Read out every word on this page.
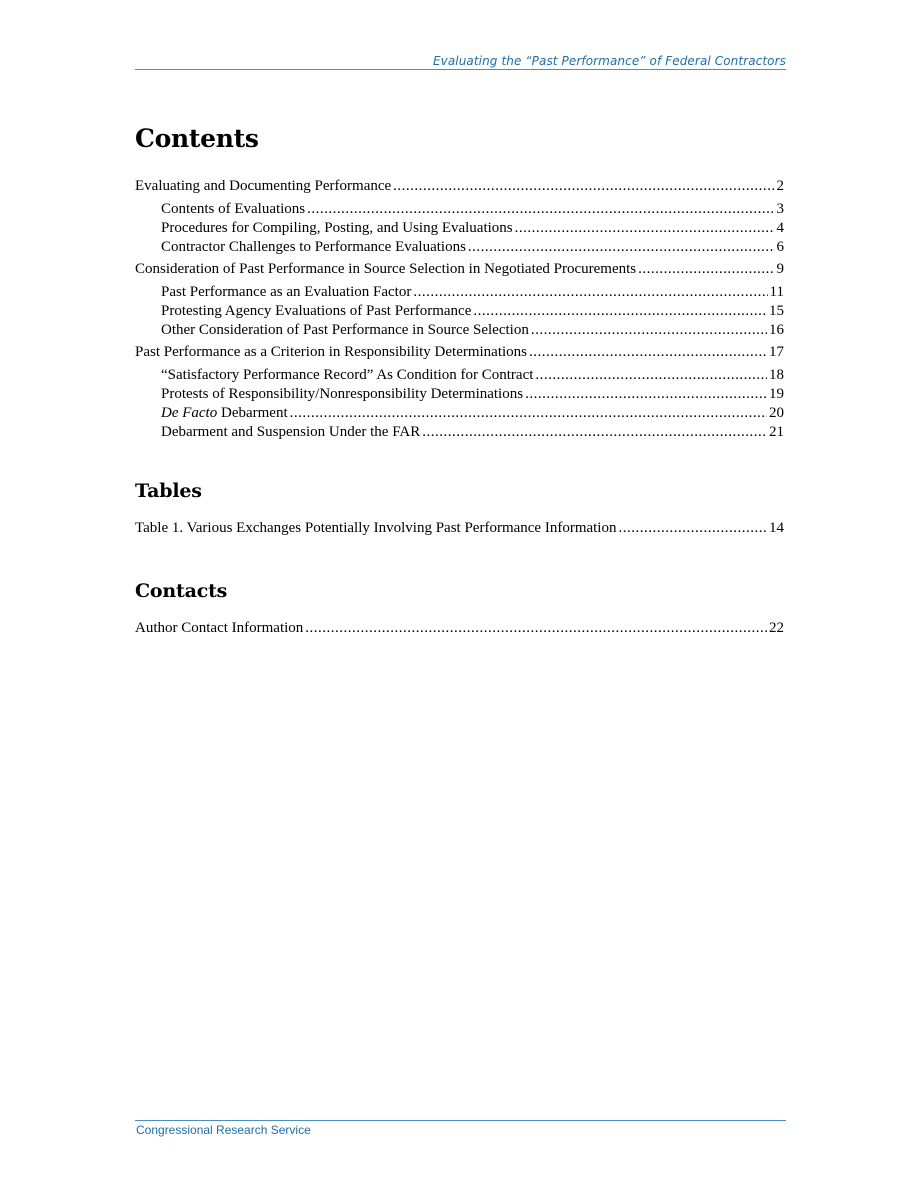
Evaluating the “Past Performance” of Federal Contractors
Contents
Evaluating and Documenting Performance .....	2
Contents of Evaluations .....	3
Procedures for Compiling, Posting, and Using Evaluations .....	4
Contractor Challenges to Performance Evaluations .....	6
Consideration of Past Performance in Source Selection in Negotiated Procurements .....	9
Past Performance as an Evaluation Factor .....	11
Protesting Agency Evaluations of Past Performance .....	15
Other Consideration of Past Performance in Source Selection .....	16
Past Performance as a Criterion in Responsibility Determinations .....	17
“Satisfactory Performance Record” As Condition for Contract .....	18
Protests of Responsibility/Nonresponsibility Determinations .....	19
De Facto Debarment .....	20
Debarment and Suspension Under the FAR .....	21
Tables
Table 1. Various Exchanges Potentially Involving Past Performance Information .....	14
Contacts
Author Contact Information .....	22
Congressional Research Service
